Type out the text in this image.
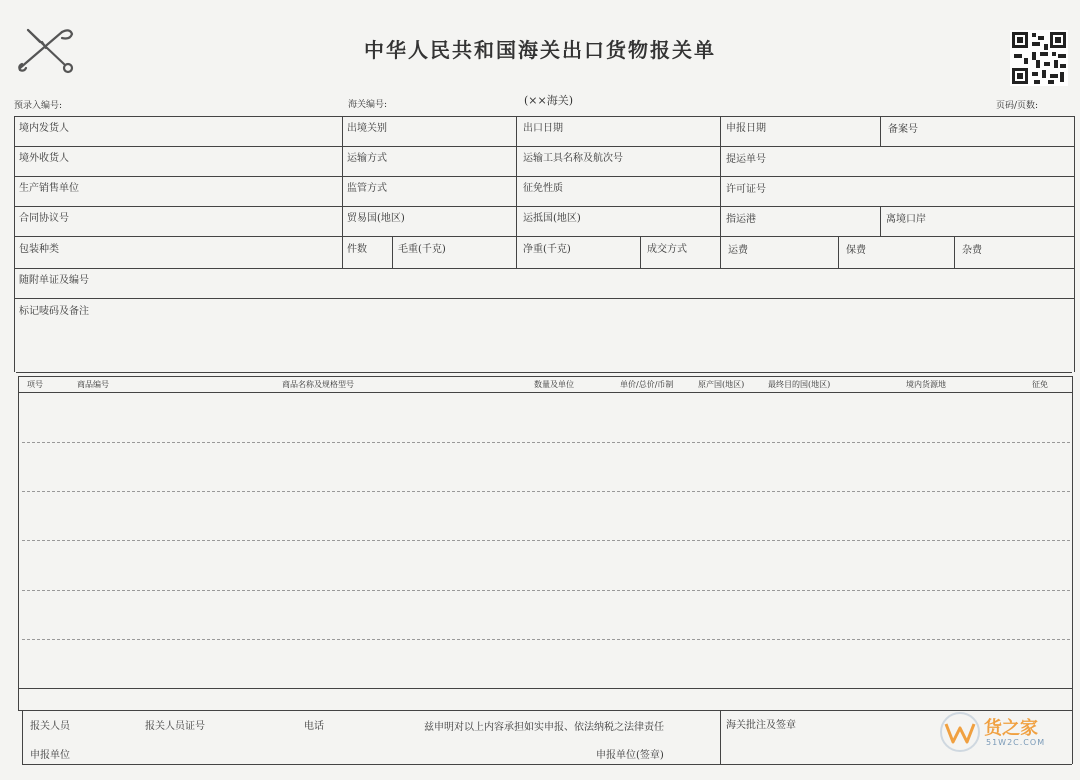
中华人民共和国海关出口货物报关单
预录入编号:	海关编号:	(××海关)	页码/页数:
境内发货人	出境关别	出口日期	申报日期	备案号
境外收货人	运输方式	运输工具名称及航次号	提运单号
生产销售单位	监管方式	征免性质	许可证号
合同协议号	贸易国(地区)	运抵国(地区)	指运港	离境口岸
包装种类	件数	毛重(千克)	净重(千克)	成交方式	运费	保费	杂费
随附单证及编号
标记唛码及备注
项号	商品编号	商品名称及规格型号	数量及单位	单价/总价/币制	原产国(地区)	最终目的国(地区)	境内货源地	征免
报关人员	报关人员证号	电话	兹申明对以上内容承担如实申报、依法纳税之法律责任	海关批注及签章
申报单位	申报单位(签章)
货之家
51W2C.COM
